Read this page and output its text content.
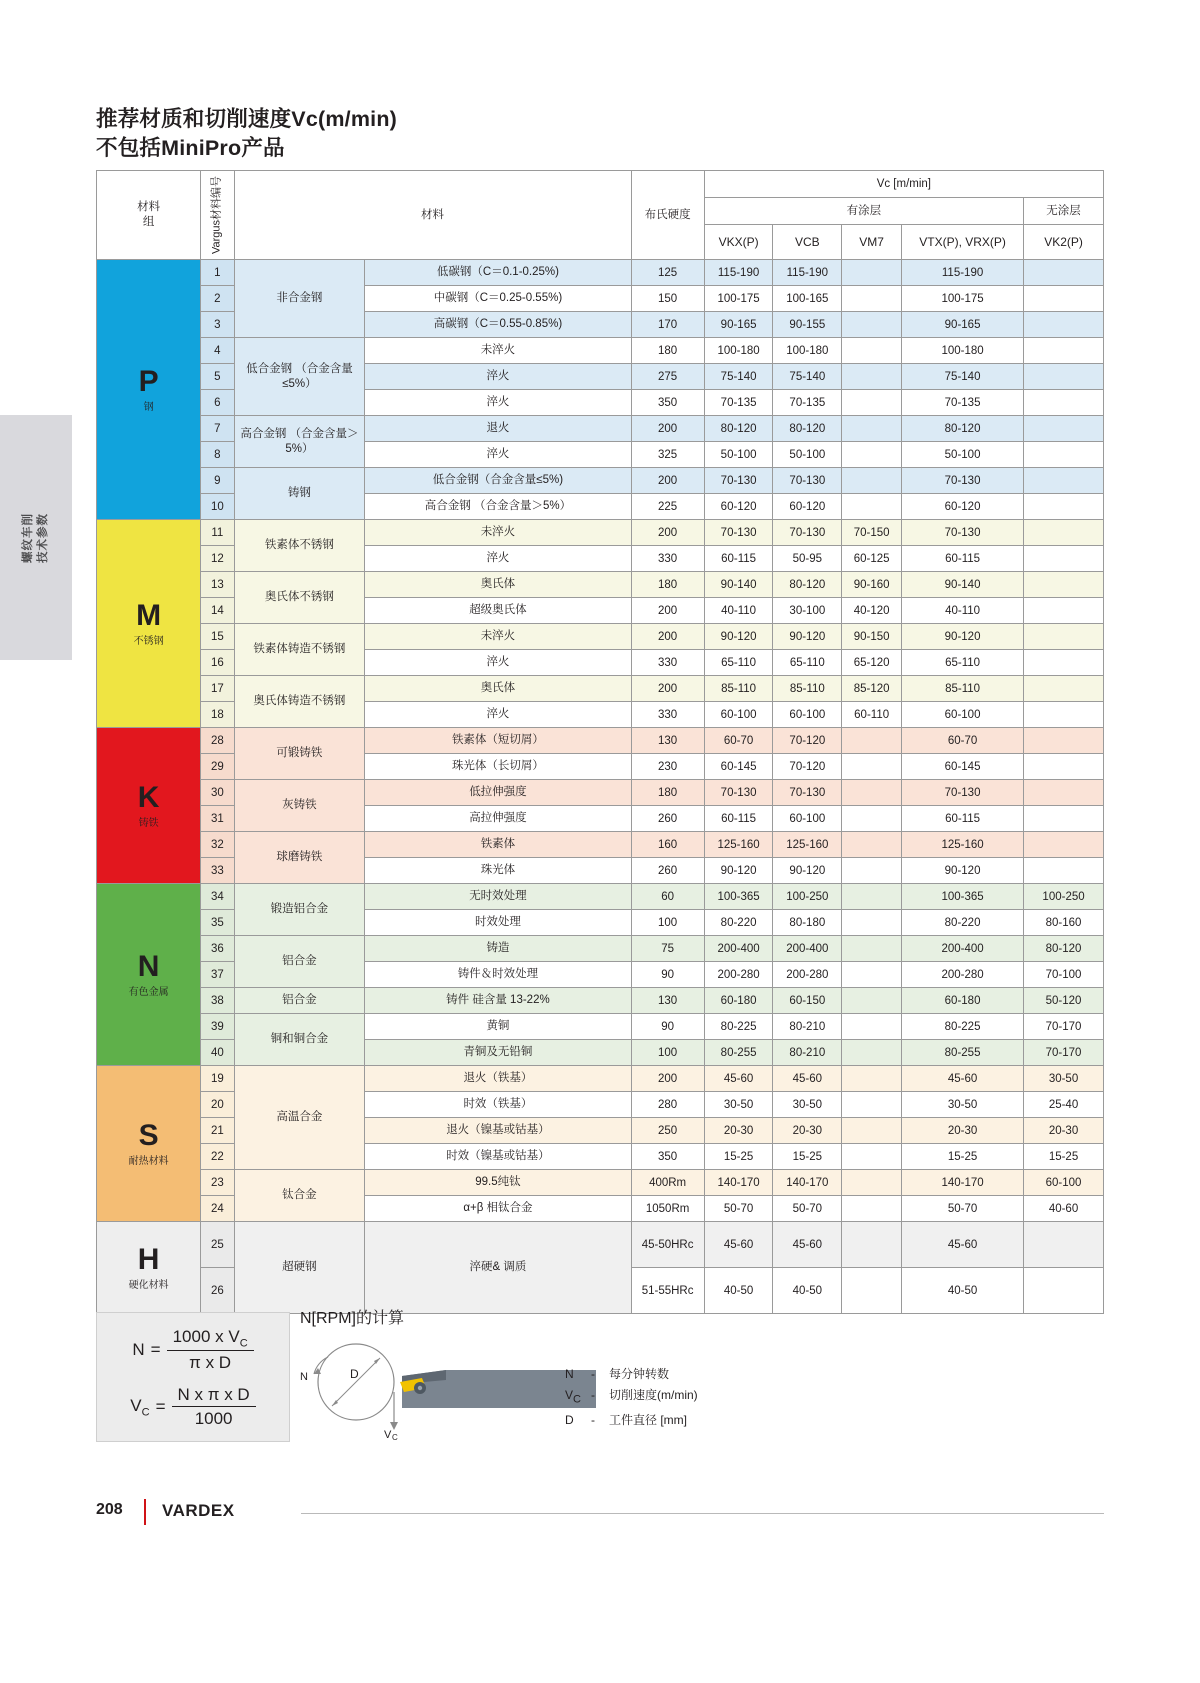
螺纹车削 技术参数
推荐材质和切削速度Vc(m/min)
不包括MiniPro产品
材料
组	Vargus材料编号	材料		布氏硬度	Vc [m/min]				
					有涂层				无涂层
					VKX(P)	VCB	VM7	VTX(P), VRX(P)	VK2(P)

P
钢	1	非合金钢	低碳钢（C＝0.1-0.25%)	125	115-190	115-190		115-190	
	2		中碳钢（C＝0.25-0.55%)	150	100-175	100-165		100-175	
	3		高碳钢（C＝0.55-0.85%)	170	90-165	90-155		90-165	
	4	低合金钢 （合金含量≤5%）	未淬火	180	100-180	100-180		100-180	
	5		淬火	275	75-140	75-140		75-140	
	6		淬火	350	70-135	70-135		70-135	
	7	高合金钢 （合金含量＞5%）	退火	200	80-120	80-120		80-120	
	8		淬火	325	50-100	50-100		50-100	
	9	铸钢	低合金钢（合金含量≤5%)	200	70-130	70-130		70-130	
	10		高合金钢 （合金含量＞5%）	225	60-120	60-120		60-120	

M
不锈钢	11	铁素体不锈钢	未淬火	200	70-130	70-130	70-150	70-130	
	12		淬火	330	60-115	50-95	60-125	60-115	
	13	奥氏体不锈钢	奥氏体	180	90-140	80-120	90-160	90-140	
	14		超级奥氏体	200	40-110	30-100	40-120	40-110	
	15	铁素体铸造不锈钢	未淬火	200	90-120	90-120	90-150	90-120	
	16		淬火	330	65-110	65-110	65-120	65-110	
	17	奥氏体铸造不锈钢	奥氏体	200	85-110	85-110	85-120	85-110	
	18		淬火	330	60-100	60-100	60-110	60-100	

K
铸铁	28	可锻铸铁	铁素体（短切屑）	130	60-70	70-120		60-70	
	29		珠光体（长切屑）	230	60-145	70-120		60-145	
	30	灰铸铁	低拉伸强度	180	70-130	70-130		70-130	
	31		高拉伸强度	260	60-115	60-100		60-115	
	32	球磨铸铁	铁素体	160	125-160	125-160		125-160	
	33		珠光体	260	90-120	90-120		90-120	

N
有色金属	34	锻造铝合金	无时效处理	60	100-365	100-250		100-365	100-250
	35		时效处理	100	80-220	80-180		80-220	80-160
	36	铝合金	铸造	75	200-400	200-400		200-400	80-120
	37		铸件＆时效处理	90	200-280	200-280		200-280	70-100
	38	铝合金	铸件 硅含量 13-22%	130	60-180	60-150		60-180	50-120
	39	铜和铜合金	黄铜	90	80-225	80-210		80-225	70-170
	40		青铜及无铅铜	100	80-255	80-210		80-255	70-170

S
耐热材料	19	高温合金	退火（铁基）	200	45-60	45-60		45-60	30-50
	20		时效（铁基）	280	30-50	30-50		30-50	25-40
	21		退火（镍基或钴基）	250	20-30	20-30		20-30	20-30
	22		时效（镍基或钴基）	350	15-25	15-25		15-25	15-25
	23	钛合金	99.5纯钛	400Rm	140-170	140-170		140-170	60-100
	24		α+β 相钛合金	1050Rm	50-70	50-70		50-70	40-60

H
硬化材料	25	超硬钢	淬硬& 调质	45-50HRc	45-60	45-60		45-60	
	26			51-55HRc	40-50	40-50		40-50	
$N = \frac{1000 x V_C}{\text{π x D}}$
$V_C = \frac{\text{N x π x D}}{1000}$
N[RPM]的计算
N	D
V C
N	-	每分钟转数
$V_C$ -	切削速度(m/min)
D	-	工件直径 [mm]
208 VARDEX
